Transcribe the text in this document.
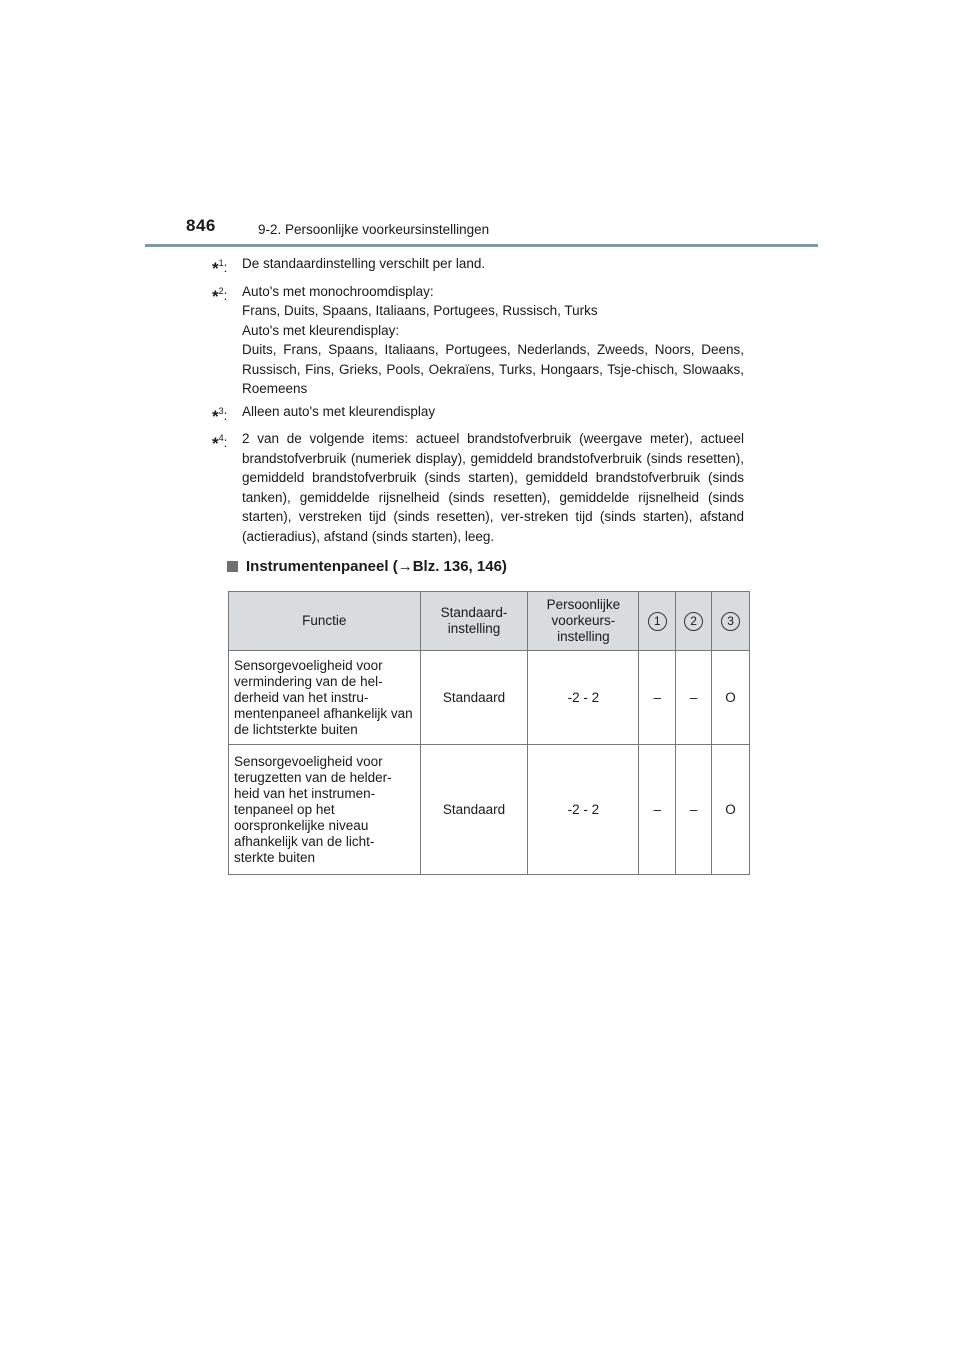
846	9-2. Persoonlijke voorkeursinstellingen
*$^1$:	De standaardinstelling verschilt per land.
*$^2$:	Auto's met monochroomdisplay:
Frans, Duits, Spaans, Italiaans, Portugees, Russisch, Turks
Auto's met kleurendisplay:
Duits, Frans, Spaans, Italiaans, Portugees, Nederlands, Zweeds, Noors, Deens, Russisch, Fins, Grieks, Pools, Oekraïens, Turks, Hongaars, Tsje-chisch, Slowaaks, Roemeens
*$^3$:	Alleen auto's met kleurendisplay
*$^4$:	2 van de volgende items: actueel brandstofverbruik (weergave meter), actueel brandstofverbruik (numeriek display), gemiddeld brandstofverbruik (sinds resetten), gemiddeld brandstofverbruik (sinds starten), gemiddeld brandstofverbruik (sinds tanken), gemiddelde rijsnelheid (sinds resetten), gemiddelde rijsnelheid (sinds starten), verstreken tijd (sinds resetten), ver-streken tijd (sinds starten), afstand (actieradius), afstand (sinds starten), leeg.
Instrumentenpaneel (→Blz. 136, 146)
Functie	Standaard-instelling	Persoonlijke voorkeurs-instelling	1	2	3
Sensorgevoeligheid voor vermindering van de hel-derheid van het instru-mentenpaneel afhankelijk van de lichtsterkte buiten	Standaard	-2 - 2	–	–	O
Sensorgevoeligheid voor terugzetten van de helder-heid van het instrumen-tenpaneel op het oorspronkelijke niveau afhankelijk van de licht-sterkte buiten	Standaard	-2 - 2	–	–	O
